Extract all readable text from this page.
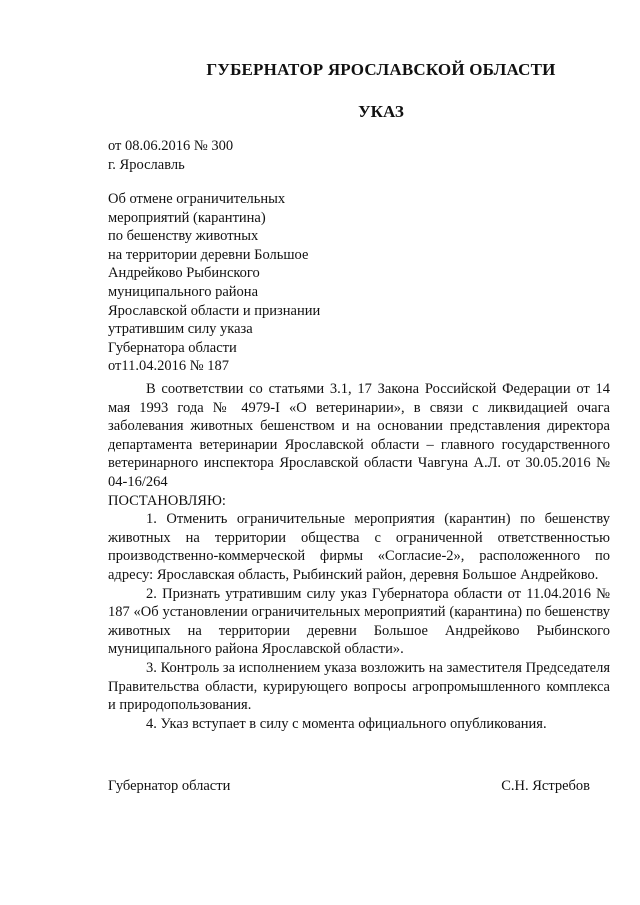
ГУБЕРНАТОР ЯРОСЛАВСКОЙ ОБЛАСТИ
УКАЗ
от 08.06.2016 № 300
г. Ярославль
Об отмене ограничительных
мероприятий (карантина)
по бешенству животных
на территории деревни Большое
Андрейково Рыбинского
муниципального района
Ярославской области и признании
утратившим силу указа
Губернатора области
от11.04.2016 № 187

В соответствии со статьями 3.1, 17 Закона Российской Федерации от 14 мая 1993 года № 4979-I «О ветеринарии», в связи с ликвидацией очага заболевания животных бешенством и на основании представления директора департамента ветеринарии Ярославской области – главного государственного ветеринарного инспектора Ярославской области Чавгуна А.Л. от 30.05.2016 № 04-16/264

ПОСТАНОВЛЯЮ:

1. Отменить ограничительные мероприятия (карантин) по бешенству животных на территории общества с ограниченной ответственностью производственно-коммерческой фирмы «Согласие-2», расположенного по адресу: Ярославская область, Рыбинский район, деревня Большое Андрейково.

2. Признать утратившим силу указ Губернатора области от 11.04.2016 № 187 «Об установлении ограничительных мероприятий (карантина) по бешенству животных на территории деревни Большое Андрейково Рыбинского муниципального района Ярославской области».

3. Контроль за исполнением указа возложить на заместителя Председателя Правительства области, курирующего вопросы агропромышленного комплекса и природопользования.

4. Указ вступает в силу с момента официального опубликования.

Губернатор области	С.Н. Ястребов
